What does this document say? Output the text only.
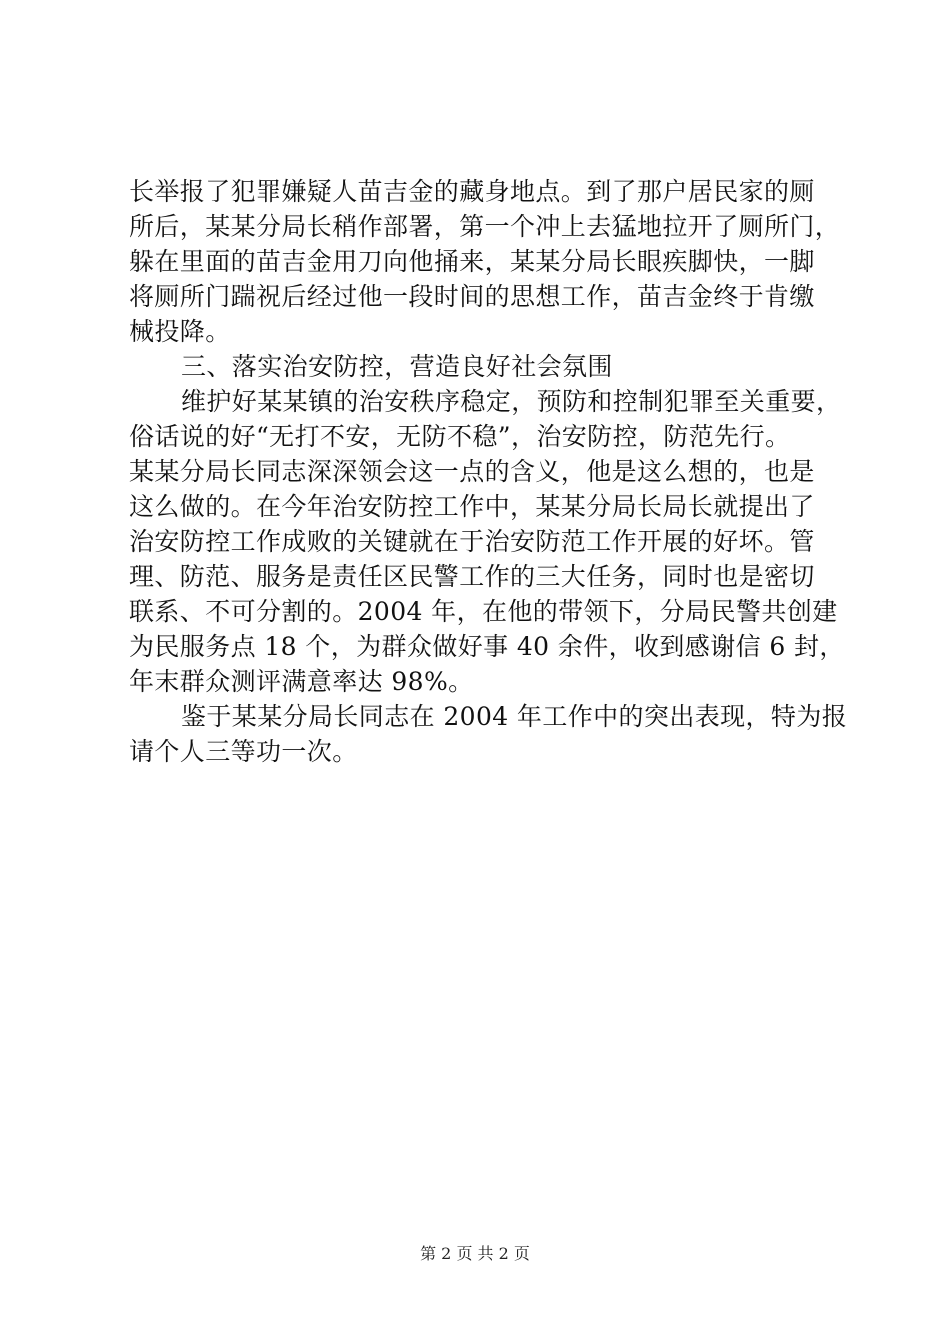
长举报了犯罪嫌疑人苗吉金的藏身地点。到了那户居民家的厕
所后，某某分局长稍作部署，第一个冲上去猛地拉开了厕所门，
躲在里面的苗吉金用刀向他捅来，某某分局长眼疾脚快，一脚
将厕所门踹祝后经过他一段时间的思想工作，苗吉金终于肯缴
械投降。
三、落实治安防控，营造良好社会氛围
维护好某某镇的治安秩序稳定，预防和控制犯罪至关重要，
俗话说的好“无打不安，无防不稳”，治安防控，防范先行。
某某分局长同志深深领会这一点的含义，他是这么想的，也是
这么做的。在今年治安防控工作中，某某分局长局长就提出了
治安防控工作成败的关键就在于治安防范工作开展的好坏。管
理、防范、服务是责任区民警工作的三大任务，同时也是密切
联系、不可分割的。2004 年，在他的带领下，分局民警共创建
为民服务点 18 个，为群众做好事 40 余件，收到感谢信 6 封，
年末群众测评满意率达 98%。
鉴于某某分局长同志在 2004 年工作中的突出表现，特为报
请个人三等功一次。
第 2 页 共 2 页
